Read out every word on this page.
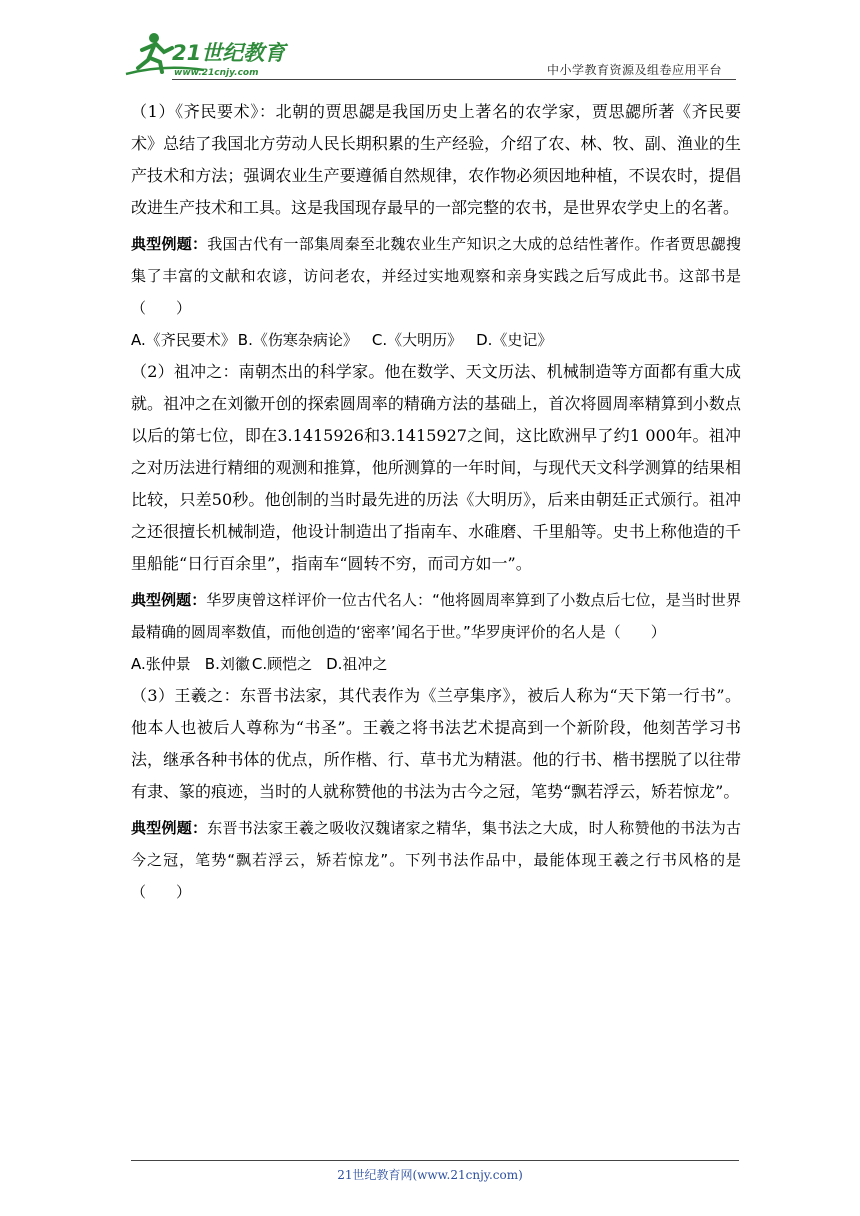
21世纪教育
www.21cnjy.com	中小学教育资源及组卷应用平台

（1）《齐民要术》：北朝的贾思勰是我国历史上著名的农学家，贾思勰所著《齐民要术》总结了我国北方劳动人民长期积累的生产经验，介绍了农、林、牧、副、渔业的生产技术和方法；强调农业生产要遵循自然规律，农作物必须因地种植，不误农时，提倡改进生产技术和工具。这是我国现存最早的一部完整的农书，是世界农学史上的名著。

典型例题：我国古代有一部集周秦至北魏农业生产知识之大成的总结性著作。作者贾思勰搜集了丰富的文献和农谚，访问老农，并经过实地观察和亲身实践之后写成此书。这部书是（　　）

A.《齐民要术》 B.《伤寒杂病论》 C.《大明历》 D.《史记》

（2）祖冲之：南朝杰出的科学家。他在数学、天文历法、机械制造等方面都有重大成就。祖冲之在刘徽开创的探索圆周率的精确方法的基础上，首次将圆周率精算到小数点以后的第七位，即在3.1415926和3.1415927之间，这比欧洲早了约1 000年。祖冲之对历法进行精细的观测和推算，他所测算的一年时间，与现代天文科学测算的结果相比较，只差50秒。他创制的当时最先进的历法《大明历》，后来由朝廷正式颁行。祖冲之还很擅长机械制造，他设计制造出了指南车、水碓磨、千里船等。史书上称他造的千里船能“日行百余里”，指南车“圆转不穷，而司方如一”。

典型例题：华罗庚曾这样评价一位古代名人：“他将圆周率算到了小数点后七位，是当时世界最精确的圆周率数值，而他创造的‘密率’闻名于世。”华罗庚评价的名人是（　　）

A.张仲景 B.刘徽 C.顾恺之 D.祖冲之

（3）王羲之：东晋书法家，其代表作为《兰亭集序》，被后人称为“天下第一行书”。他本人也被后人尊称为“书圣”。王羲之将书法艺术提高到一个新阶段，他刻苦学习书法，继承各种书体的优点，所作楷、行、草书尤为精湛。他的行书、楷书摆脱了以往带有隶、篆的痕迹，当时的人就称赞他的书法为古今之冠，笔势“飘若浮云，矫若惊龙”。

典型例题：东晋书法家王羲之吸收汉魏诸家之精华，集书法之大成，时人称赞他的书法为古今之冠，笔势“飘若浮云，矫若惊龙”。下列书法作品中，最能体现王羲之行书风格的是（　　）

21世纪教育网(www.21cnjy.com)
